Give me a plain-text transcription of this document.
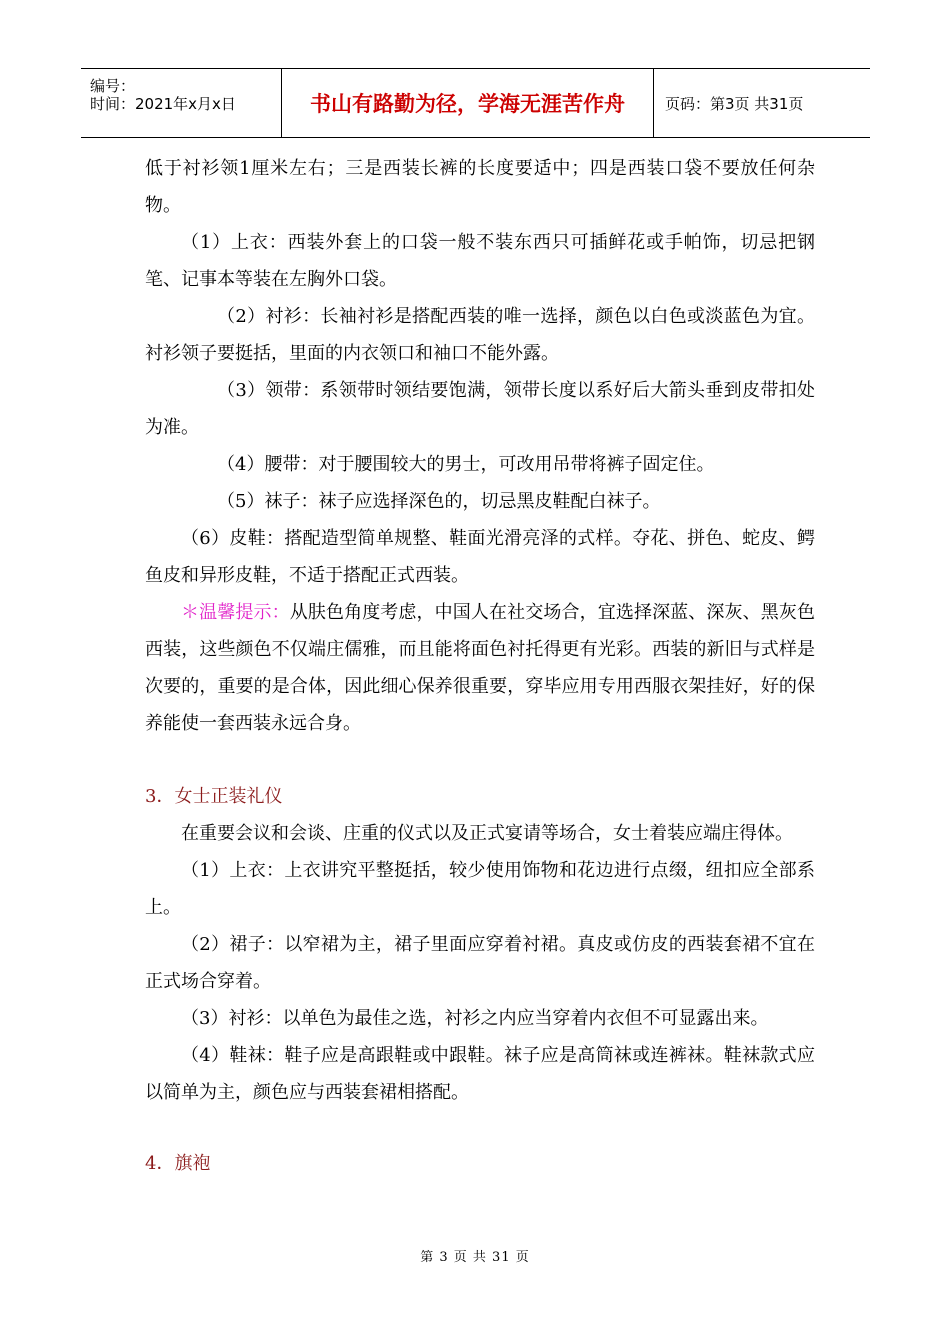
编号：
时间：2021年x月x日	书山有路勤为径，学海无涯苦作舟	页码：第3页 共31页

低于衬衫领1厘米左右；三是西装长裤的长度要适中；四是西装口袋不要放任何杂物。

（1）上衣：西装外套上的口袋一般不装东西只可插鲜花或手帕饰，切忌把钢笔、记事本等装在左胸外口袋。

（2）衬衫：长袖衬衫是搭配西装的唯一选择，颜色以白色或淡蓝色为宜。衬衫领子要挺括，里面的内衣领口和袖口不能外露。

（3）领带：系领带时领结要饱满，领带长度以系好后大箭头垂到皮带扣处为准。

（4）腰带：对于腰围较大的男士，可改用吊带将裤子固定住。

（5）袜子：袜子应选择深色的，切忌黑皮鞋配白袜子。

（6）皮鞋：搭配造型简单规整、鞋面光滑亮泽的式样。夺花、拼色、蛇皮、鳄鱼皮和异形皮鞋，不适于搭配正式西装。

＊温馨提示：从肤色角度考虑，中国人在社交场合，宜选择深蓝、深灰、黑灰色西装，这些颜色不仅端庄儒雅，而且能将面色衬托得更有光彩。西装的新旧与式样是次要的，重要的是合体，因此细心保养很重要，穿毕应用专用西服衣架挂好，好的保养能使一套西装永远合身。

3．女士正装礼仪

在重要会议和会谈、庄重的仪式以及正式宴请等场合，女士着装应端庄得体。

（1）上衣：上衣讲究平整挺括，较少使用饰物和花边进行点缀，纽扣应全部系上。

（2）裙子：以窄裙为主，裙子里面应穿着衬裙。真皮或仿皮的西装套裙不宜在正式场合穿着。

（3）衬衫：以单色为最佳之选，衬衫之内应当穿着内衣但不可显露出来。

（4）鞋袜：鞋子应是高跟鞋或中跟鞋。袜子应是高筒袜或连裤袜。鞋袜款式应以简单为主，颜色应与西装套裙相搭配。

4．旗袍

第 3 页 共 31 页
